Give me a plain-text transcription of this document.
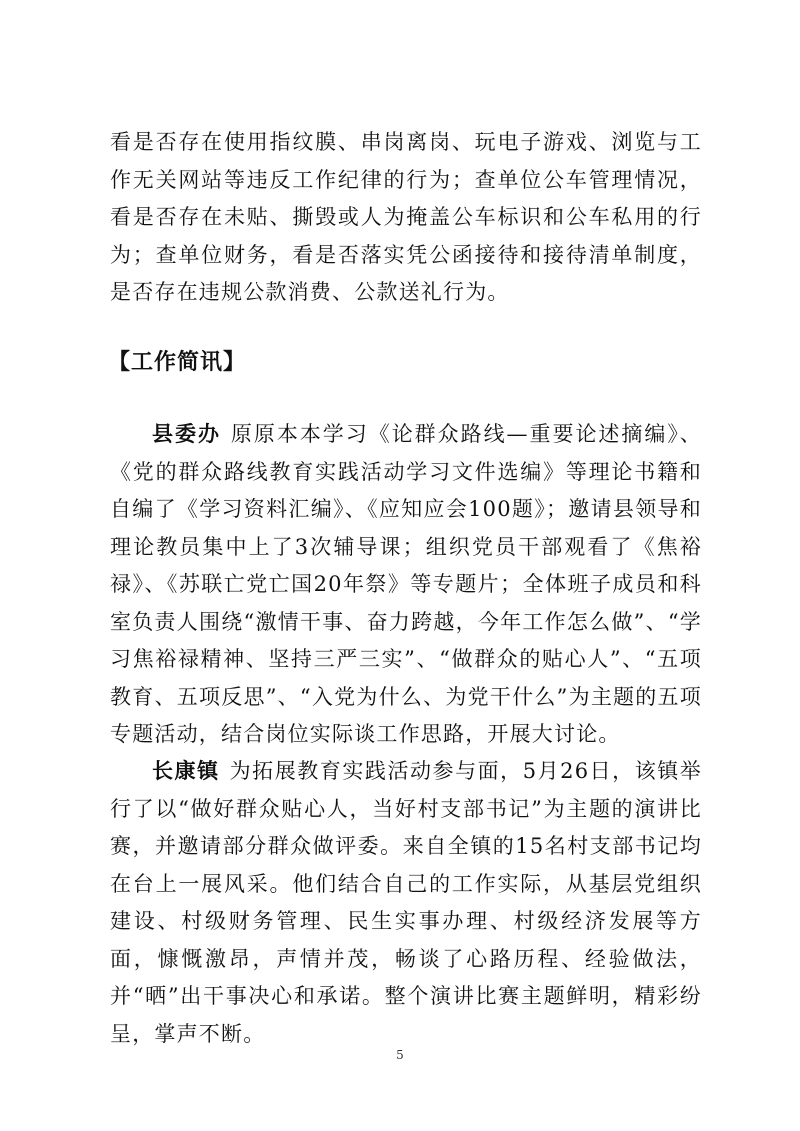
看是否存在使用指纹膜、串岗离岗、玩电子游戏、浏览与工作无关网站等违反工作纪律的行为；查单位公车管理情况，看是否存在未贴、撕毁或人为掩盖公车标识和公车私用的行为；查单位财务，看是否落实凭公函接待和接待清单制度，是否存在违规公款消费、公款送礼行为。

【工作简讯】

县委办 原原本本学习《论群众路线—重要论述摘编》、《党的群众路线教育实践活动学习文件选编》等理论书籍和自编了《学习资料汇编》、《应知应会100题》；邀请县领导和理论教员集中上了3次辅导课；组织党员干部观看了《焦裕禄》、《苏联亡党亡国20年祭》等专题片；全体班子成员和科室负责人围绕“激情干事、奋力跨越，今年工作怎么做”、“学习焦裕禄精神、坚持三严三实”、“做群众的贴心人”、“五项教育、五项反思”、“入党为什么、为党干什么”为主题的五项专题活动，结合岗位实际谈工作思路，开展大讨论。

长康镇 为拓展教育实践活动参与面，5月26日，该镇举行了以“做好群众贴心人，当好村支部书记”为主题的演讲比赛，并邀请部分群众做评委。来自全镇的15名村支部书记均在台上一展风采。他们结合自己的工作实际，从基层党组织建设、村级财务管理、民生实事办理、村级经济发展等方面，慷慨激昂，声情并茂，畅谈了心路历程、经验做法，并“晒”出干事决心和承诺。整个演讲比赛主题鲜明，精彩纷呈，掌声不断。

5
